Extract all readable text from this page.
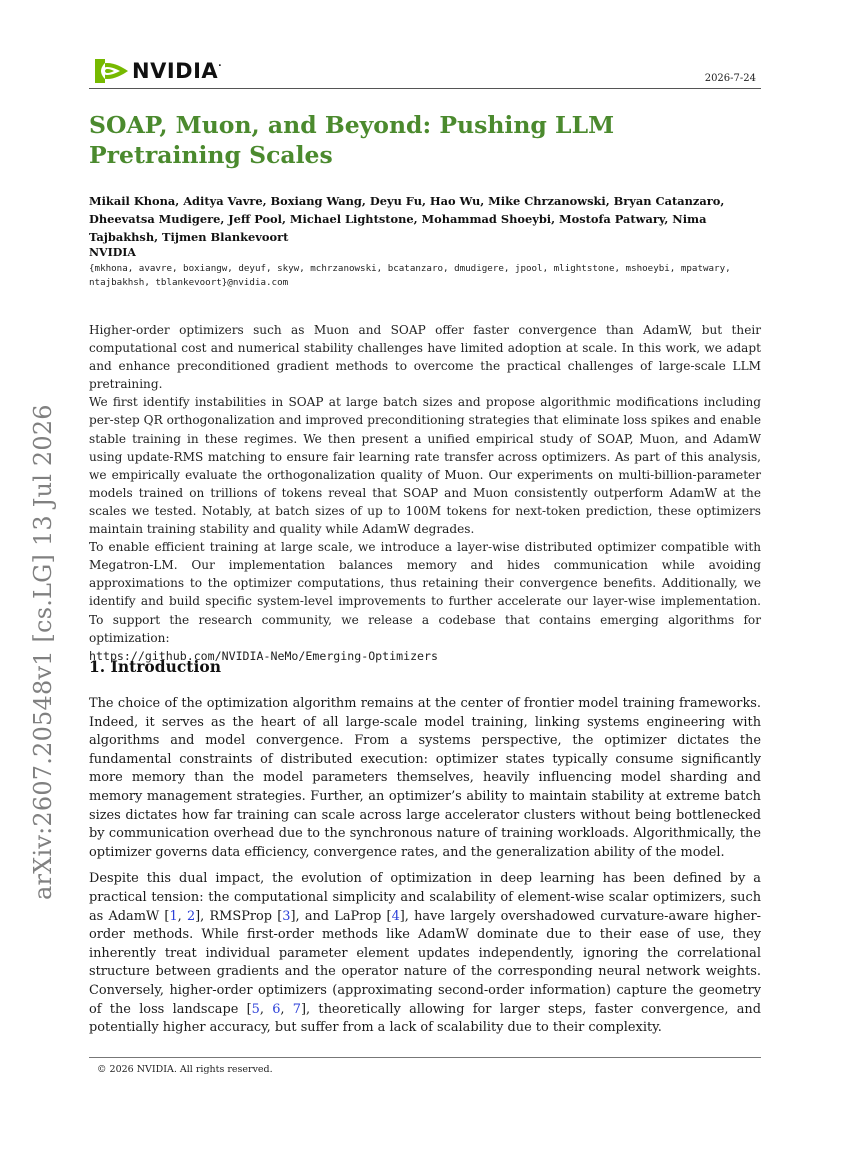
NVIDIA.
2026-7-24
SOAP, Muon, and Beyond: Pushing LLM Pretraining Scales
Mikail Khona, Aditya Vavre, Boxiang Wang, Deyu Fu, Hao Wu, Mike Chrzanowski, Bryan Catanzaro, Dheevatsa Mudigere, Jeff Pool, Michael Lightstone, Mohammad Shoeybi, Mostofa Patwary, Nima Tajbakhsh, Tijmen Blankevoort
NVIDIA
{mkhona, avavre, boxiangw, deyuf, skyw, mchrzanowski, bcatanzaro, dmudigere, jpool, mlightstone, mshoeybi, mpatwary, ntajbakhsh, tblankevoort}@nvidia.com

Higher-order optimizers such as Muon and SOAP offer faster convergence than AdamW, but their computational cost and numerical stability challenges have limited adoption at scale. In this work, we adapt and enhance preconditioned gradient methods to overcome the practical challenges of large-scale LLM pretraining.

We first identify instabilities in SOAP at large batch sizes and propose algorithmic modifications including per-step QR orthogonalization and improved preconditioning strategies that eliminate loss spikes and enable stable training in these regimes. We then present a unified empirical study of SOAP, Muon, and AdamW using update-RMS matching to ensure fair learning rate transfer across optimizers. As part of this analysis, we empirically evaluate the orthogonalization quality of Muon. Our experiments on multi-billion-parameter models trained on trillions of tokens reveal that SOAP and Muon consistently outperform AdamW at the scales we tested. Notably, at batch sizes of up to 100M tokens for next-token prediction, these optimizers maintain training stability and quality while AdamW degrades.

To enable efficient training at large scale, we introduce a layer-wise distributed optimizer compatible with Megatron-LM. Our implementation balances memory and hides communication while avoiding approximations to the optimizer computations, thus retaining their convergence benefits. Additionally, we identify and build specific system-level improvements to further accelerate our layer-wise implementation. To support the research community, we release a codebase that contains emerging algorithms for optimization:

https://github.com/NVIDIA-NeMo/Emerging-Optimizers
1. Introduction

The choice of the optimization algorithm remains at the center of frontier model training frameworks. Indeed, it serves as the heart of all large-scale model training, linking systems engineering with algorithms and model convergence. From a systems perspective, the optimizer dictates the fundamental constraints of distributed execution: optimizer states typically consume significantly more memory than the model parameters themselves, heavily influencing model sharding and memory management strategies. Further, an optimizer’s ability to maintain stability at extreme batch sizes dictates how far training can scale across large accelerator clusters without being bottlenecked by communication overhead due to the synchronous nature of training workloads. Algorithmically, the optimizer governs data efficiency, convergence rates, and the generalization ability of the model.

Despite this dual impact, the evolution of optimization in deep learning has been defined by a practical tension: the computational simplicity and scalability of element-wise scalar optimizers, such as AdamW [1, 2], RMSProp [3], and LaProp [4], have largely overshadowed curvature-aware higher-order methods. While first-order methods like AdamW dominate due to their ease of use, they inherently treat individual parameter element updates independently, ignoring the correlational structure between gradients and the operator nature of the corresponding neural network weights. Conversely, higher-order optimizers (approximating second-order information) capture the geometry of the loss landscape [5, 6, 7], theoretically allowing for larger steps, faster convergence, and potentially higher accuracy, but suffer from a lack of scalability due to their complexity.

© 2026 NVIDIA. All rights reserved.
arXiv:2607.20548v1 [cs.LG] 13 Jul 2026
